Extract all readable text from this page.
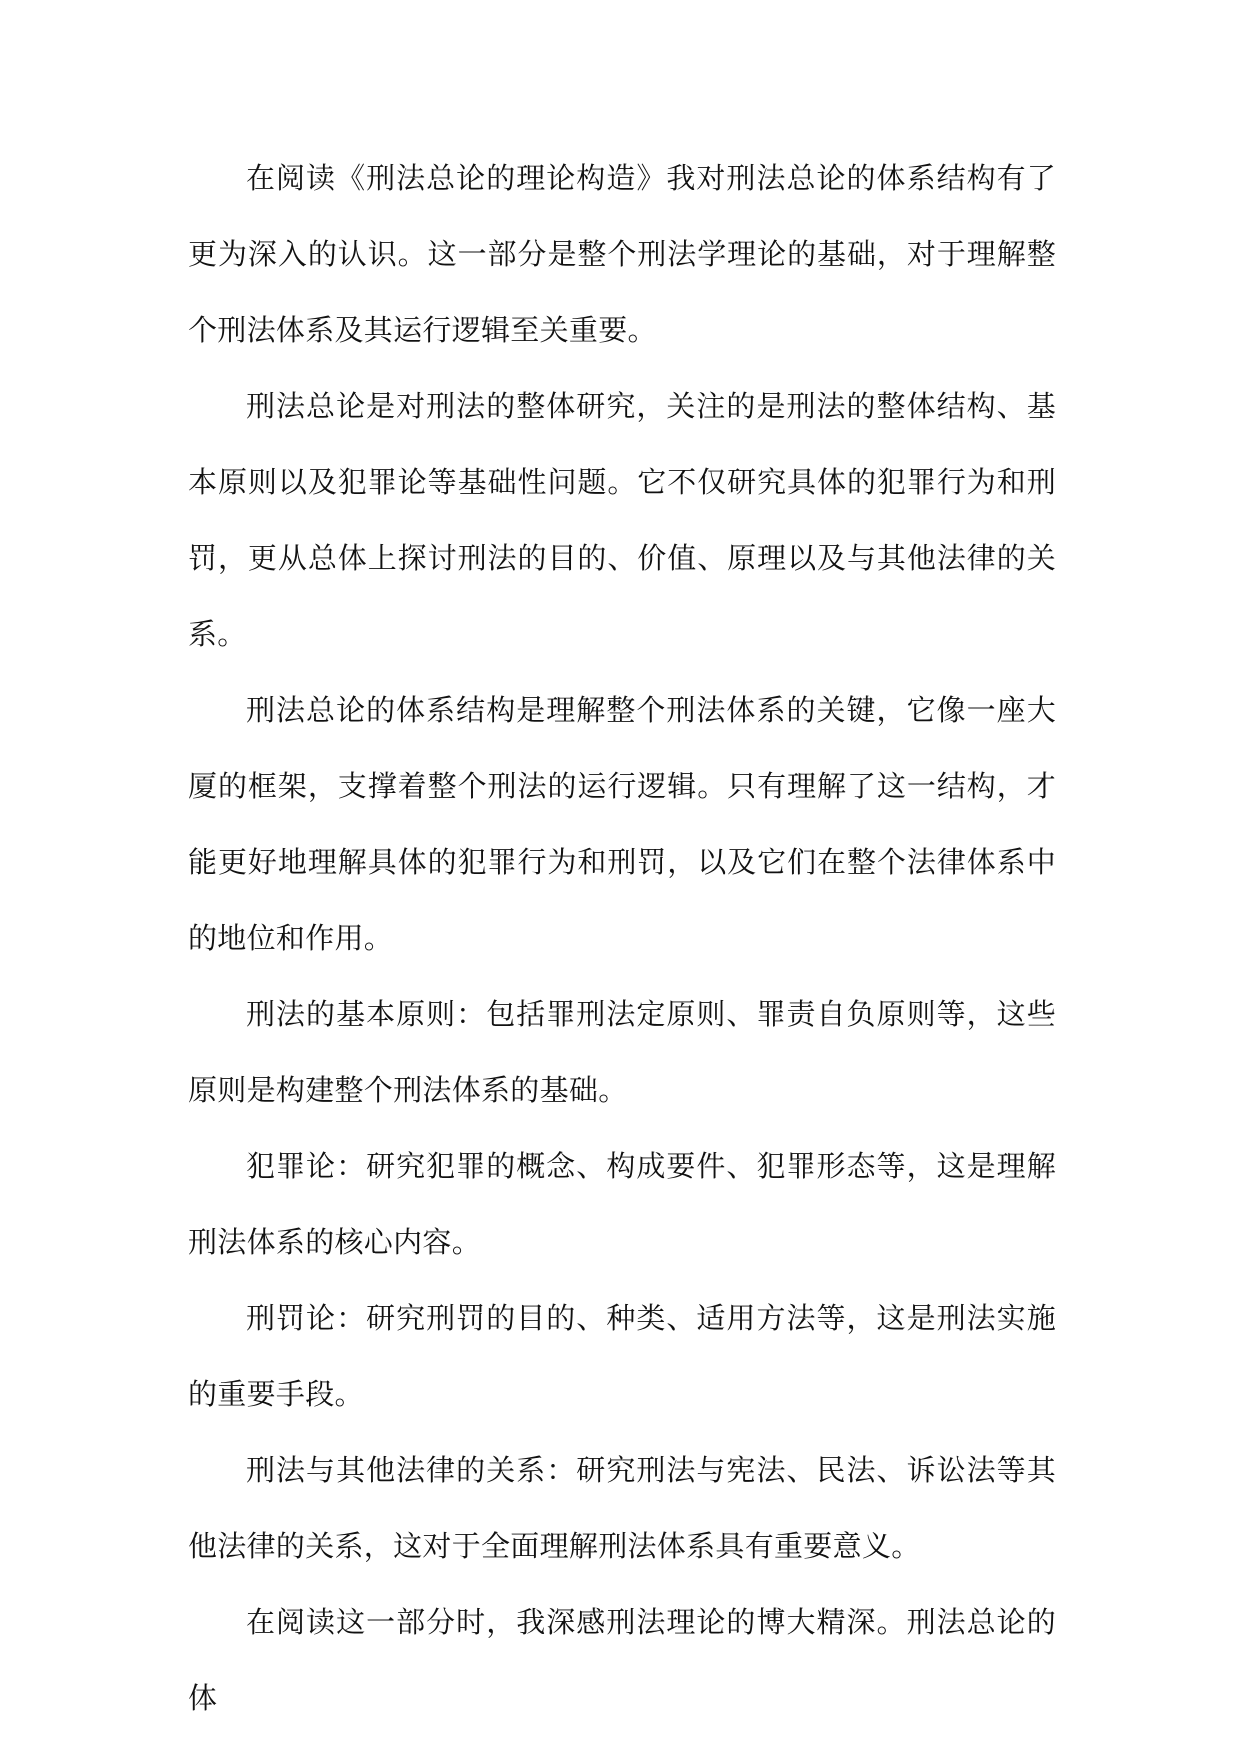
在阅读《刑法总论的理论构造》我对刑法总论的体系结构有了更为深入的认识。这一部分是整个刑法学理论的基础，对于理解整个刑法体系及其运行逻辑至关重要。

刑法总论是对刑法的整体研究，关注的是刑法的整体结构、基本原则以及犯罪论等基础性问题。它不仅研究具体的犯罪行为和刑罚，更从总体上探讨刑法的目的、价值、原理以及与其他法律的关系。

刑法总论的体系结构是理解整个刑法体系的关键，它像一座大厦的框架，支撑着整个刑法的运行逻辑。只有理解了这一结构，才能更好地理解具体的犯罪行为和刑罚，以及它们在整个法律体系中的地位和作用。

刑法的基本原则：包括罪刑法定原则、罪责自负原则等，这些原则是构建整个刑法体系的基础。

犯罪论：研究犯罪的概念、构成要件、犯罪形态等，这是理解刑法体系的核心内容。

刑罚论：研究刑罚的目的、种类、适用方法等，这是刑法实施的重要手段。

刑法与其他法律的关系：研究刑法与宪法、民法、诉讼法等其他法律的关系，这对于全面理解刑法体系具有重要意义。

在阅读这一部分时，我深感刑法理论的博大精深。刑法总论的体
